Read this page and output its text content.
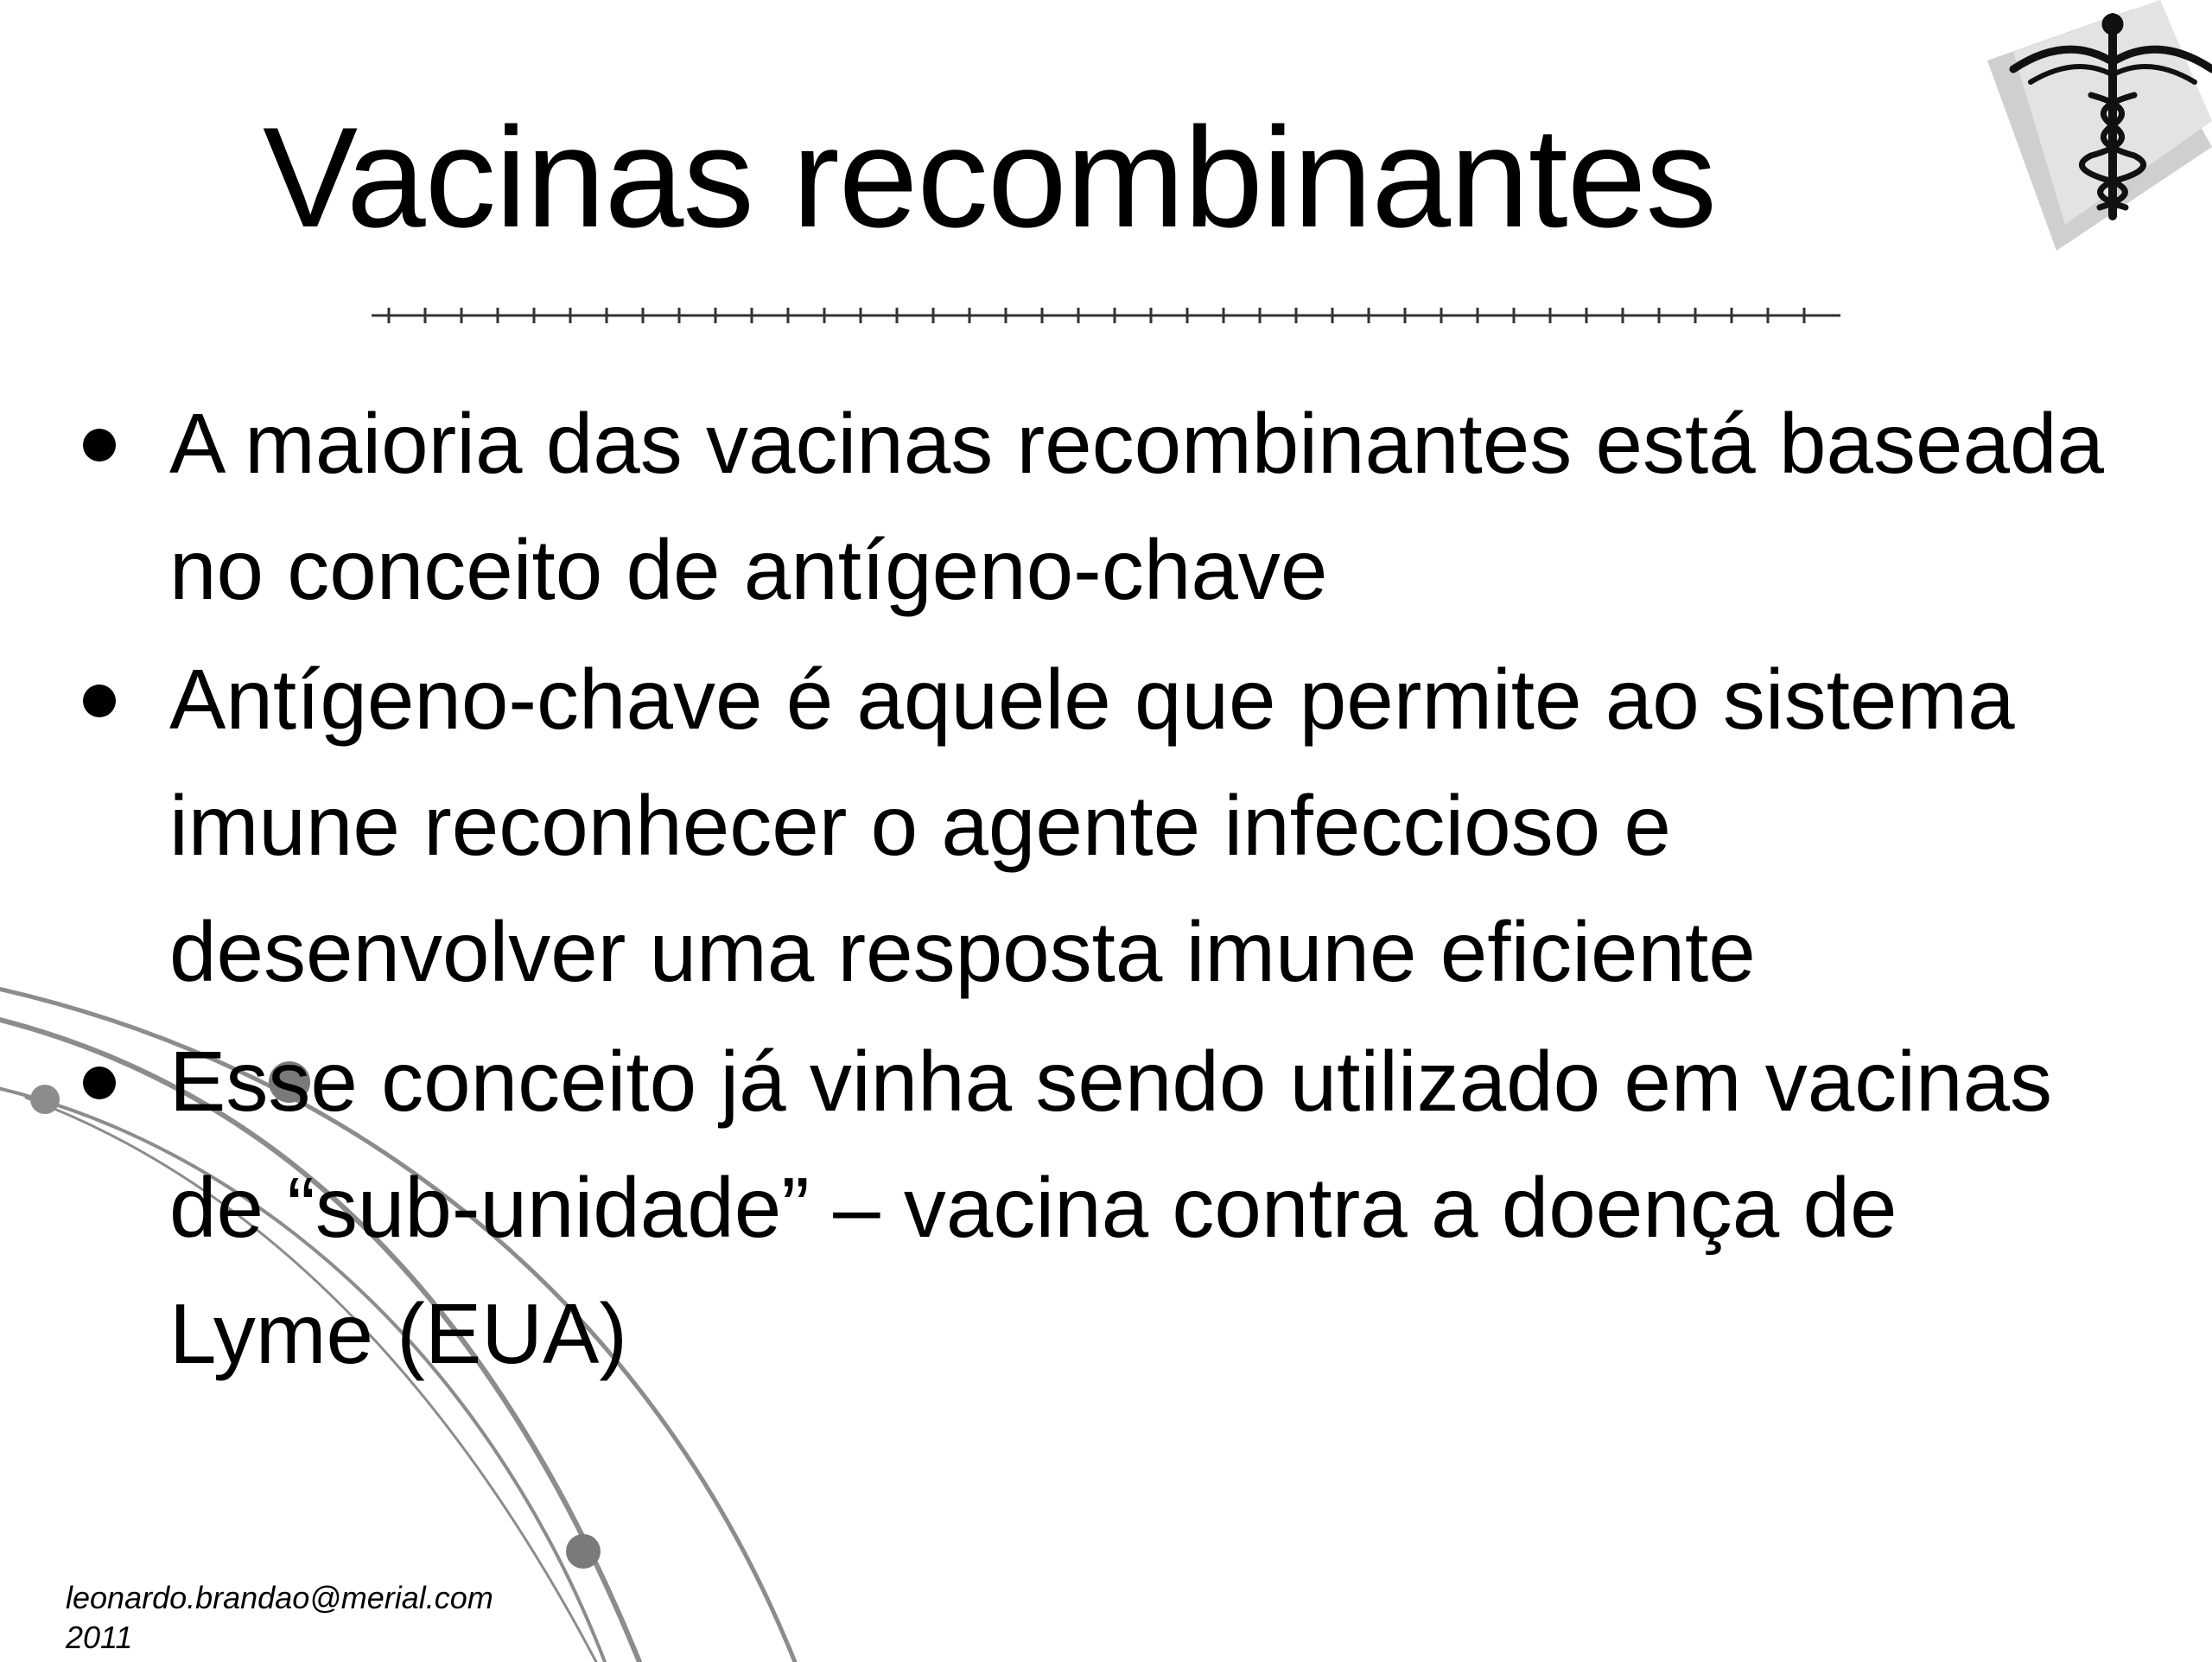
Vacinas recombinantes
A maioria das vacinas recombinantes está baseada
no conceito de antígeno-chave
Antígeno-chave é aquele que permite ao sistema
imune reconhecer o agente infeccioso e
desenvolver uma resposta imune eficiente
Esse conceito já vinha sendo utilizado em vacinas
de “sub-unidade” – vacina contra a doença de
Lyme (EUA)
leonardo.brandao@merial.com
2011
